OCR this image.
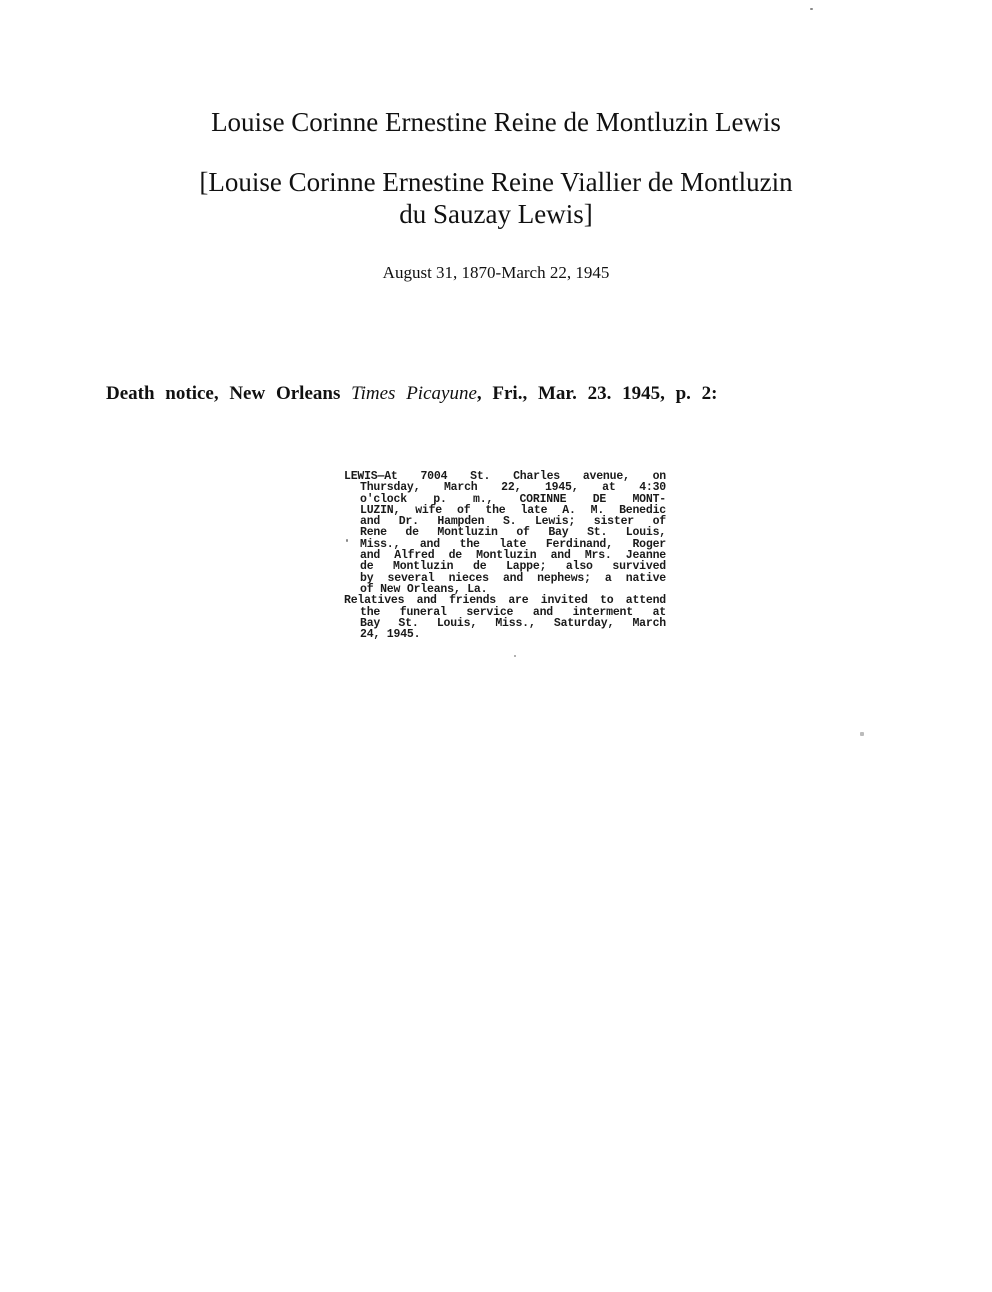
Louise Corinne Ernestine Reine de Montluzin Lewis
[Louise Corinne Ernestine Reine Viallier de Montluzin
du Sauzay Lewis]
August 31, 1870-March 22, 1945
Death notice, New Orleans Times Picayune, Fri., Mar. 23. 1945, p. 2:
LEWIS—At 7004 St. Charles avenue, on
Thursday, March 22, 1945, at 4:30
o'clock p. m., CORINNE DE MONT-
LUZIN, wife of the late A. M. Benedic
and Dr. Hampden S. Lewis; sister of
Rene de Montluzin of Bay St. Louis,
Miss., and the late Ferdinand, Roger
and Alfred de Montluzin and Mrs. Jeanne
de Montluzin de Lappe; also survived
by several nieces and nephews; a native
of New Orleans, La.
Relatives and friends are invited to attend
the funeral service and interment at
Bay St. Louis, Miss., Saturday, March
24, 1945.
